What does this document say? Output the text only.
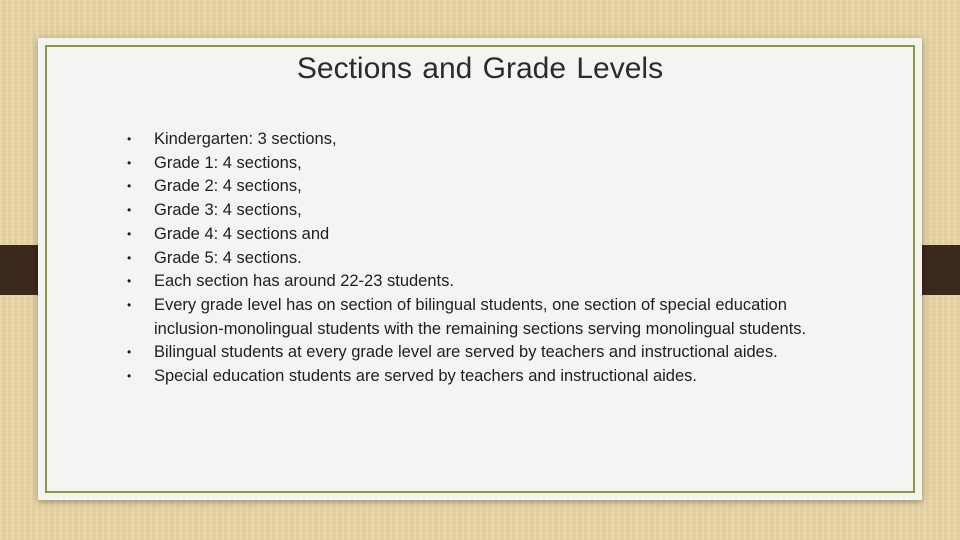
Sections and Grade Levels
• Kindergarten: 3 sections,
• Grade 1: 4 sections,
• Grade 2: 4 sections,
• Grade 3: 4 sections,
• Grade 4: 4 sections and
• Grade 5: 4 sections.
• Each section has around 22-23 students.
• Every grade level has on section of bilingual students, one section of special education inclusion-monolingual students with the remaining sections serving monolingual students.
• Bilingual students at every grade level are served by teachers and instructional aides.
• Special education students are served by teachers and instructional aides.
